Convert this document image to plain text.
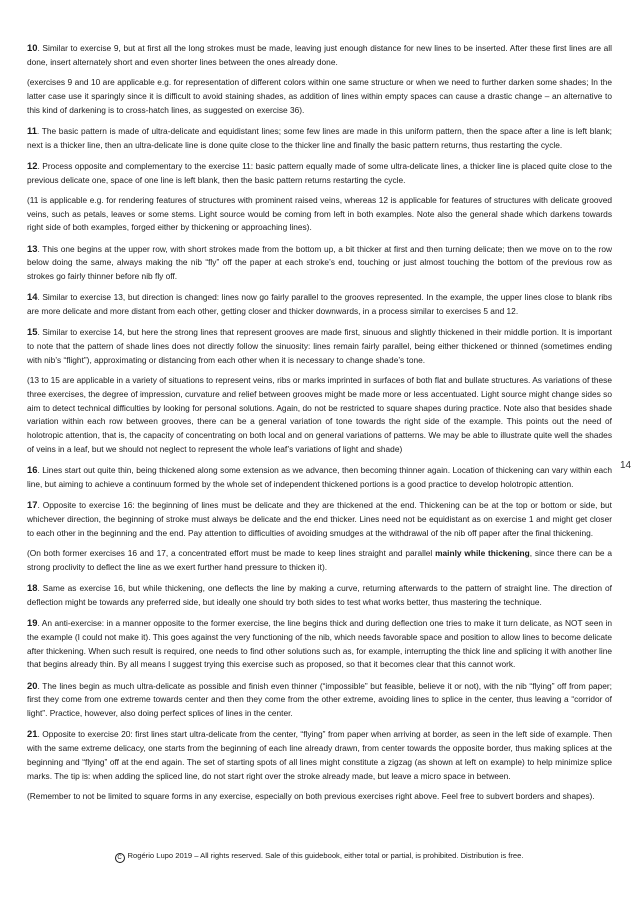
10. Similar to exercise 9, but at first all the long strokes must be made, leaving just enough distance for new lines to be inserted. After these first lines are all done, insert alternately short and even shorter lines between the ones already done.

(exercises 9 and 10 are applicable e.g. for representation of different colors within one same structure or when we need to further darken some shades; In the latter case use it sparingly since it is difficult to avoid staining shades, as addition of lines within empty spaces can cause a drastic change – an alternative to this kind of darkening is to cross-hatch lines, as suggested on exercise 36).

11. The basic pattern is made of ultra-delicate and equidistant lines; some few lines are made in this uniform pattern, then the space after a line is left blank; next is a thicker line, then an ultra-delicate line is done quite close to the thicker line and finally the basic pattern returns, thus restarting the cycle.

12. Process opposite and complementary to the exercise 11: basic pattern equally made of some ultra-delicate lines, a thicker line is placed quite close to the previous delicate one, space of one line is left blank, then the basic pattern returns restarting the cycle.

(11 is applicable e.g. for rendering features of structures with prominent raised veins, whereas 12 is applicable for features of structures with delicate grooved veins, such as petals, leaves or some stems. Light source would be coming from left in both examples. Note also the general shade which darkens towards right side of both examples, forged either by thickening or approaching lines).

13. This one begins at the upper row, with short strokes made from the bottom up, a bit thicker at first and then turning delicate; then we move on to the row below doing the same, always making the nib “fly” off the paper at each stroke’s end, touching or just almost touching the bottom of the previous row as strokes go fairly thinner before nib fly off.

14. Similar to exercise 13, but direction is changed: lines now go fairly parallel to the grooves represented. In the example, the upper lines close to blank ribs are more delicate and more distant from each other, getting closer and thicker downwards, in a process similar to exercises 5 and 12.

15. Similar to exercise 14, but here the strong lines that represent grooves are made first, sinuous and slightly thickened in their middle portion. It is important to note that the pattern of shade lines does not directly follow the sinuosity: lines remain fairly parallel, being either thickened or thinned (sometimes ending with nib’s “flight”), approximating or distancing from each other when it is necessary to change shade’s tone.

(13 to 15 are applicable in a variety of situations to represent veins, ribs or marks imprinted in surfaces of both flat and bullate structures. As variations of these three exercises, the degree of impression, curvature and relief between grooves might be made more or less accentuated. Light source might change sides so aim to detect technical difficulties by looking for personal solutions. Again, do not be restricted to square shapes during practice. Note also that besides shade variation within each row between grooves, there can be a general variation of tone towards the right side of the example. This points out the need of holotropic attention, that is, the capacity of concentrating on both local and on general variations of patterns. We may be able to illustrate quite well the shades of veins in a leaf, but we should not neglect to represent the whole leaf’s variations of light and shade)

16. Lines start out quite thin, being thickened along some extension as we advance, then becoming thinner again. Location of thickening can vary within each line, but aiming to achieve a continuum formed by the whole set of independent thickened portions is a good practice to develop holotropic attention.

17. Opposite to exercise 16: the beginning of lines must be delicate and they are thickened at the end. Thickening can be at the top or bottom or side, but whichever direction, the beginning of stroke must always be delicate and the end thicker. Lines need not be equidistant as on exercise 1 and might get closer to each other in the beginning and the end. Pay attention to difficulties of avoiding smudges at the withdrawal of the nib off paper after the final thickening.

(On both former exercises 16 and 17, a concentrated effort must be made to keep lines straight and parallel mainly while thickening, since there can be a strong proclivity to deflect the line as we exert further hand pressure to thicken it).

18. Same as exercise 16, but while thickening, one deflects the line by making a curve, returning afterwards to the pattern of straight line. The direction of deflection might be towards any preferred side, but ideally one should try both sides to test what works better, thus mastering the technique.

19. An anti-exercise: in a manner opposite to the former exercise, the line begins thick and during deflection one tries to make it turn delicate, as NOT seen in the example (I could not make it). This goes against the very functioning of the nib, which needs favorable space and position to allow lines to become delicate after thickening. When such result is required, one needs to find other solutions such as, for example, interrupting the thick line and splicing it with another line that begins already thin. By all means I suggest trying this exercise such as proposed, so that it becomes clear that this cannot work.

20. The lines begin as much ultra-delicate as possible and finish even thinner (“impossible” but feasible, believe it or not), with the nib “flying” off from paper; first they come from one extreme towards center and then they come from the other extreme, avoiding lines to splice in the center, thus leaving a “corridor of light”. Practice, however, also doing perfect splices of lines in the center.

21. Opposite to exercise 20: first lines start ultra-delicate from the center, “flying” from paper when arriving at border, as seen in the left side of example. Then with the same extreme delicacy, one starts from the beginning of each line already drawn, from center towards the opposite border, thus making splices at the beginning and “flying” off at the end again. The set of starting spots of all lines might constitute a zigzag (as shown at left on example) to help minimize splice marks. The tip is: when adding the spliced line, do not start right over the stroke already made, but leave a micro space in between.

(Remember to not be limited to square forms in any exercise, especially on both previous exercises right above. Feel free to subvert borders and shapes).

14
C Rogério Lupo 2019 – All rights reserved. Sale of this guidebook, either total or partial, is prohibited. Distribution is free.
